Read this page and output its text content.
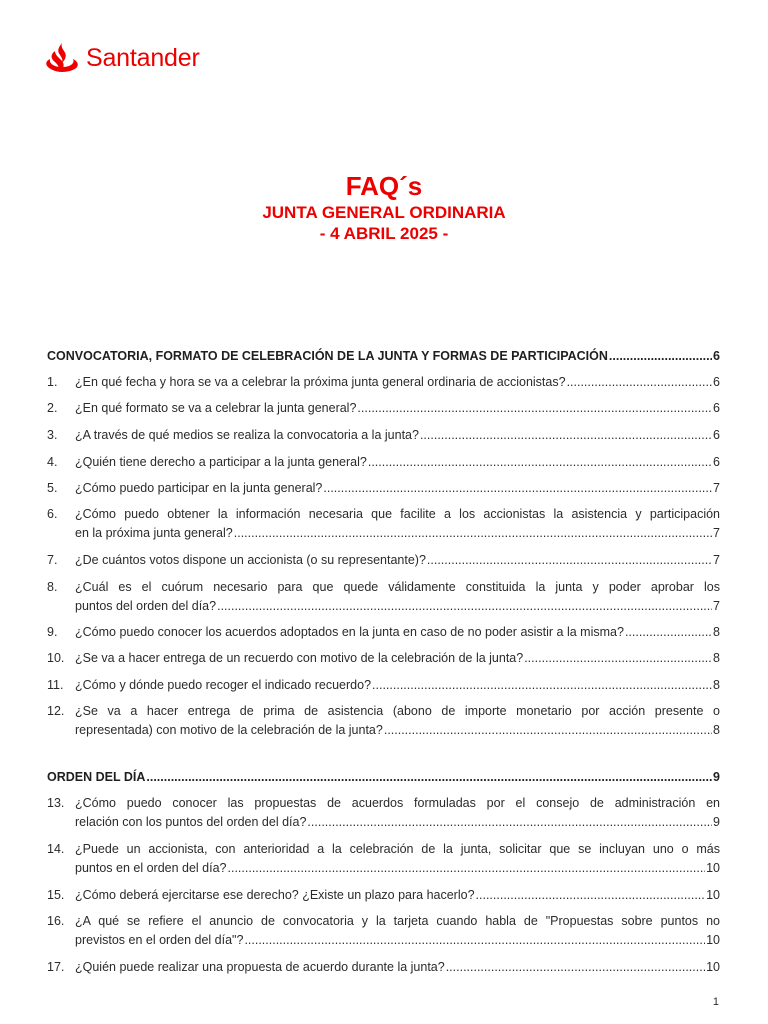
Santander
FAQ´s
JUNTA GENERAL ORDINARIA
- 4 ABRIL 2025 -
CONVOCATORIA, FORMATO DE CELEBRACIÓN DE LA JUNTA Y FORMAS DE PARTICIPACIÓN .....	6
1. ¿En qué fecha y hora se va a celebrar la próxima junta general ordinaria de accionistas? .....	6
2. ¿En qué formato se va a celebrar la junta general? .....	6
3. ¿A través de qué medios se realiza la convocatoria a la junta? .....	6
4. ¿Quién tiene derecho a participar a la junta general? .....	6
5. ¿Cómo puedo participar en la junta general? .....	7
6. ¿Cómo puedo obtener la información necesaria que facilite a los accionistas la asistencia y participación
en la próxima junta general? .....	7
7. ¿De cuántos votos dispone un accionista (o su representante)? .....	7
8. ¿Cuál es el cuórum necesario para que quede válidamente constituida la junta y poder aprobar los
puntos del orden del día? .....	7
9. ¿Cómo puedo conocer los acuerdos adoptados en la junta en caso de no poder asistir a la misma? .....	8
10. ¿Se va a hacer entrega de un recuerdo con motivo de la celebración de la junta? .....	8
11. ¿Cómo y dónde puedo recoger el indicado recuerdo? .....	8
12. ¿Se va a hacer entrega de prima de asistencia (abono de importe monetario por acción presente o
representada) con motivo de la celebración de la junta? .....	8
ORDEN DEL DÍA .....	9
13. ¿Cómo puedo conocer las propuestas de acuerdos formuladas por el consejo de administración en
relación con los puntos del orden del día? .....	9
14. ¿Puede un accionista, con anterioridad a la celebración de la junta, solicitar que se incluyan uno o más
puntos en el orden del día? .....	10
15. ¿Cómo deberá ejercitarse ese derecho? ¿Existe un plazo para hacerlo? .....	10
16. ¿A qué se refiere el anuncio de convocatoria y la tarjeta cuando habla de "Propuestas sobre puntos no
previstos en el orden del día"? .....	10
17. ¿Quién puede realizar una propuesta de acuerdo durante la junta? .....	10
1
